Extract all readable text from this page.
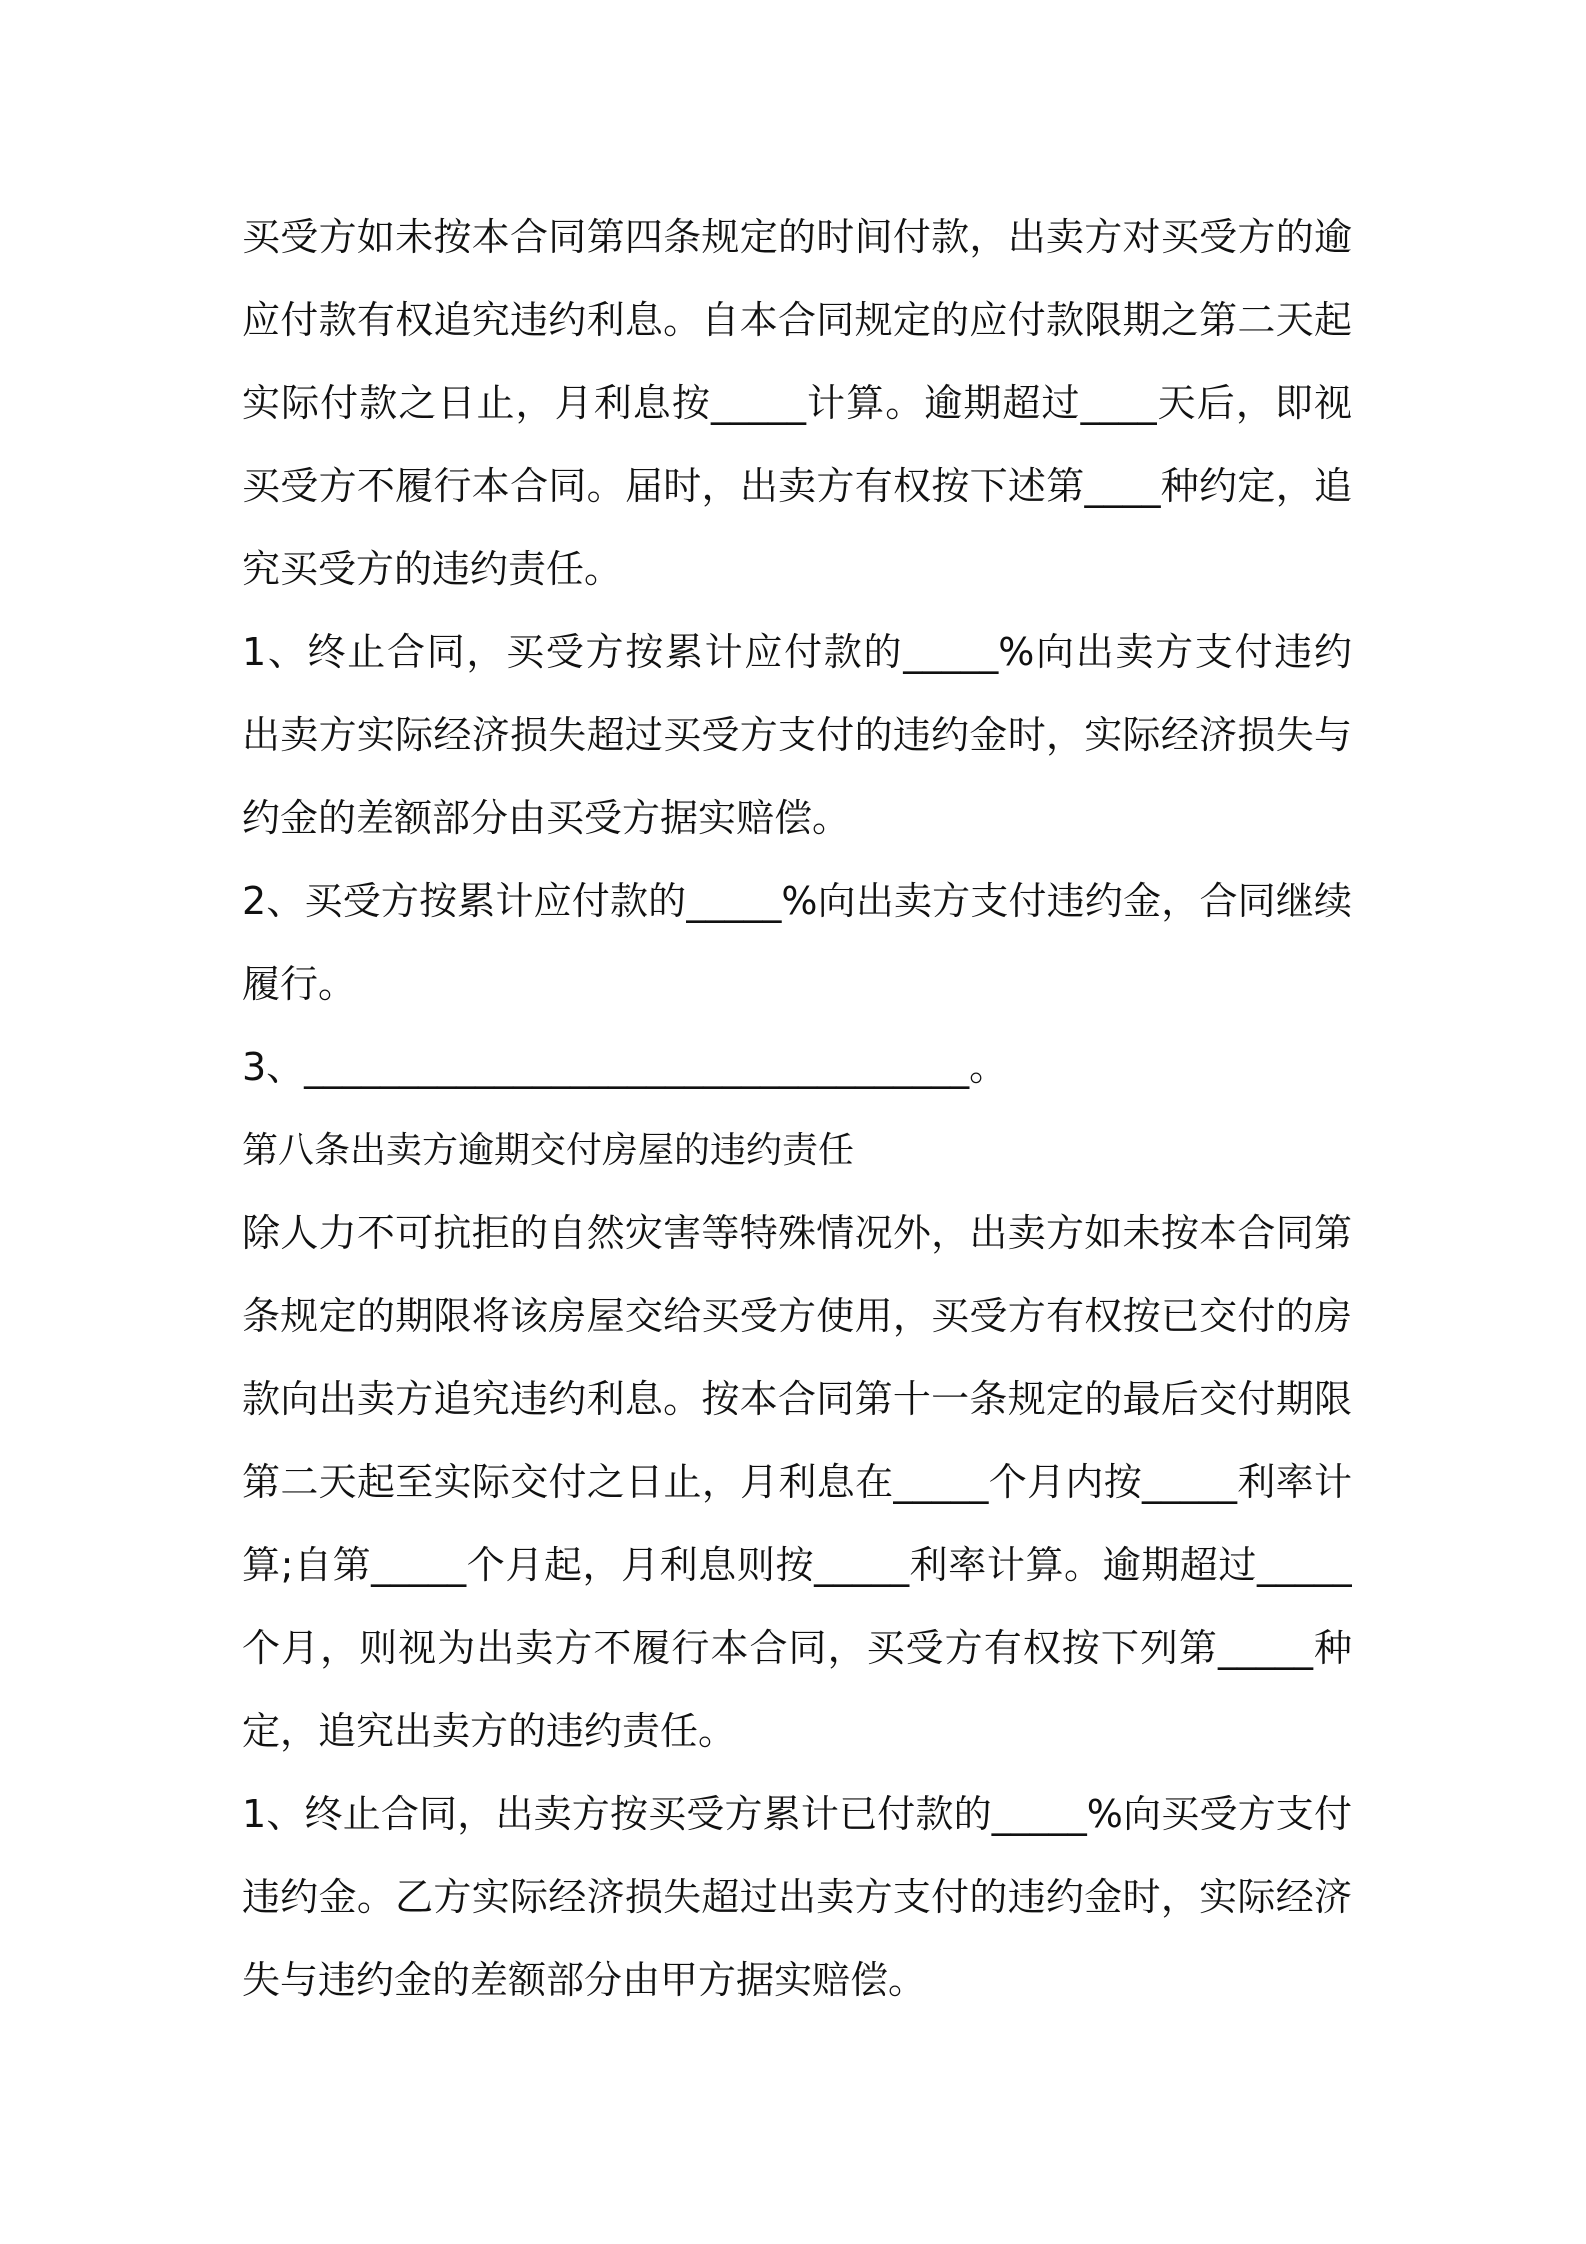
买受方如未按本合同第四条规定的时间付款，出卖方对买受方的逾
应付款有权追究违约利息。自本合同规定的应付款限期之第二天起
实际付款之日止，月利息按_____计算。逾期超过____天后，即视
买受方不履行本合同。届时，出卖方有权按下述第____种约定，追
究买受方的违约责任。
1、终止合同，买受方按累计应付款的_____%向出卖方支付违约
出卖方实际经济损失超过买受方支付的违约金时，实际经济损失与
约金的差额部分由买受方据实赔偿。
2、买受方按累计应付款的_____%向出卖方支付违约金，合同继续
履行。
3、___________________________________。
第八条出卖方逾期交付房屋的违约责任
除人力不可抗拒的自然灾害等特殊情况外，出卖方如未按本合同第
条规定的期限将该房屋交给买受方使用，买受方有权按已交付的房
款向出卖方追究违约利息。按本合同第十一条规定的最后交付期限
第二天起至实际交付之日止，月利息在_____个月内按_____利率计
算;自第_____个月起，月利息则按_____利率计算。逾期超过_____
个月，则视为出卖方不履行本合同，买受方有权按下列第_____种
定，追究出卖方的违约责任。
1、终止合同，出卖方按买受方累计已付款的_____%向买受方支付
违约金。乙方实际经济损失超过出卖方支付的违约金时，实际经济
失与违约金的差额部分由甲方据实赔偿。
